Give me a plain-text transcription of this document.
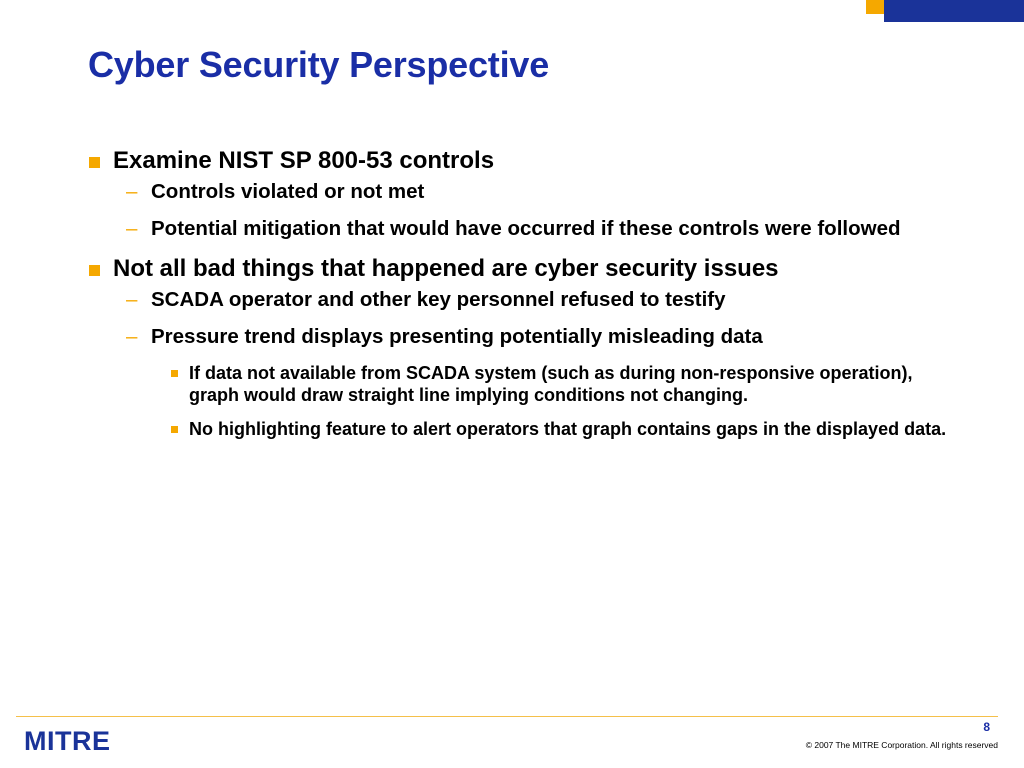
Cyber Security Perspective
Examine NIST SP 800-53 controls
– Controls violated or not met
– Potential mitigation that would have occurred if these controls were followed
Not all bad things that happened are cyber security issues
– SCADA operator and other key personnel refused to testify
– Pressure trend displays presenting potentially misleading data
If data not available from SCADA system (such as during non-responsive operation), graph would draw straight line implying conditions not changing.
No highlighting feature to alert operators that graph contains gaps in the displayed data.
8
MITRE	© 2007 The MITRE Corporation. All rights reserved
